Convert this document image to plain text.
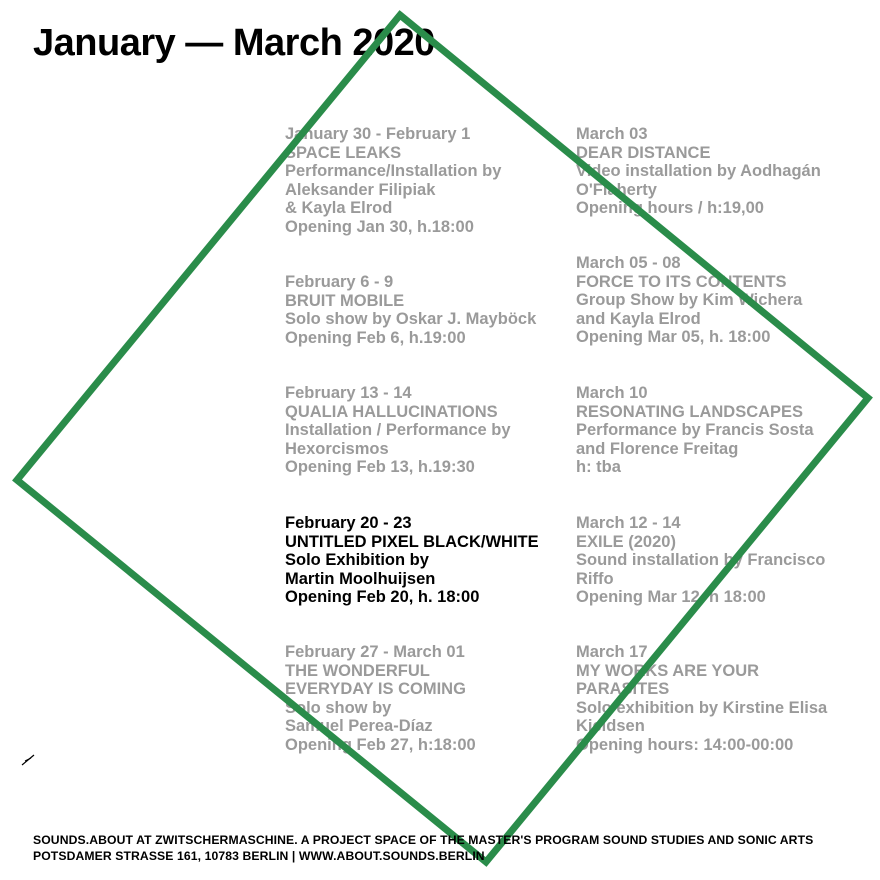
January — March 2020
January 30 - February 1
SPACE LEAKS
Performance/Installation by
Aleksander Filipiak
& Kayla Elrod
Opening Jan 30, h.18:00
February 6 - 9
BRUIT MOBILE
Solo show by Oskar J. Mayböck
Opening Feb 6, h.19:00
February 13 - 14
QUALIA HALLUCINATIONS
Installation / Performance by
Hexorcismos
Opening Feb 13, h.19:30
February 20 - 23
UNTITLED PIXEL BLACK/WHITE
Solo Exhibition by
Martin Moolhuijsen
Opening Feb 20, h. 18:00
February 27 - March 01
THE WONDERFUL
EVERYDAY IS COMING
Solo show by
Samuel Perea-Díaz
Opening Feb 27, h:18:00
March 03
DEAR DISTANCE
Video installation by Aodhagán
O'Flaherty
Opening hours / h:19,00
March 05 - 08
FORCE TO ITS CONTENTS
Group Show by Kim Wichera
and Kayla Elrod
Opening Mar 05, h. 18:00
March 10
RESONATING LANDSCAPES
Performance by Francis Sosta
and Florence Freitag
h: tba
March 12 - 14
EXILE (2020)
Sound installation by Francisco
Riffo
Opening Mar 12, h 18:00
March 17
MY WORKS ARE YOUR
PARASITES
Solo exhibition by Kirstine Elisa
Kjeldsen
Opening hours: 14:00-00:00
SOUNDS.ABOUT AT ZWITSCHERMASCHINE. A PROJECT SPACE OF THE MASTER'S PROGRAM SOUND STUDIES AND SONIC ARTS
POTSDAMER STRASSE 161, 10783 BERLIN | WWW.ABOUT.SOUNDS.BERLIN
